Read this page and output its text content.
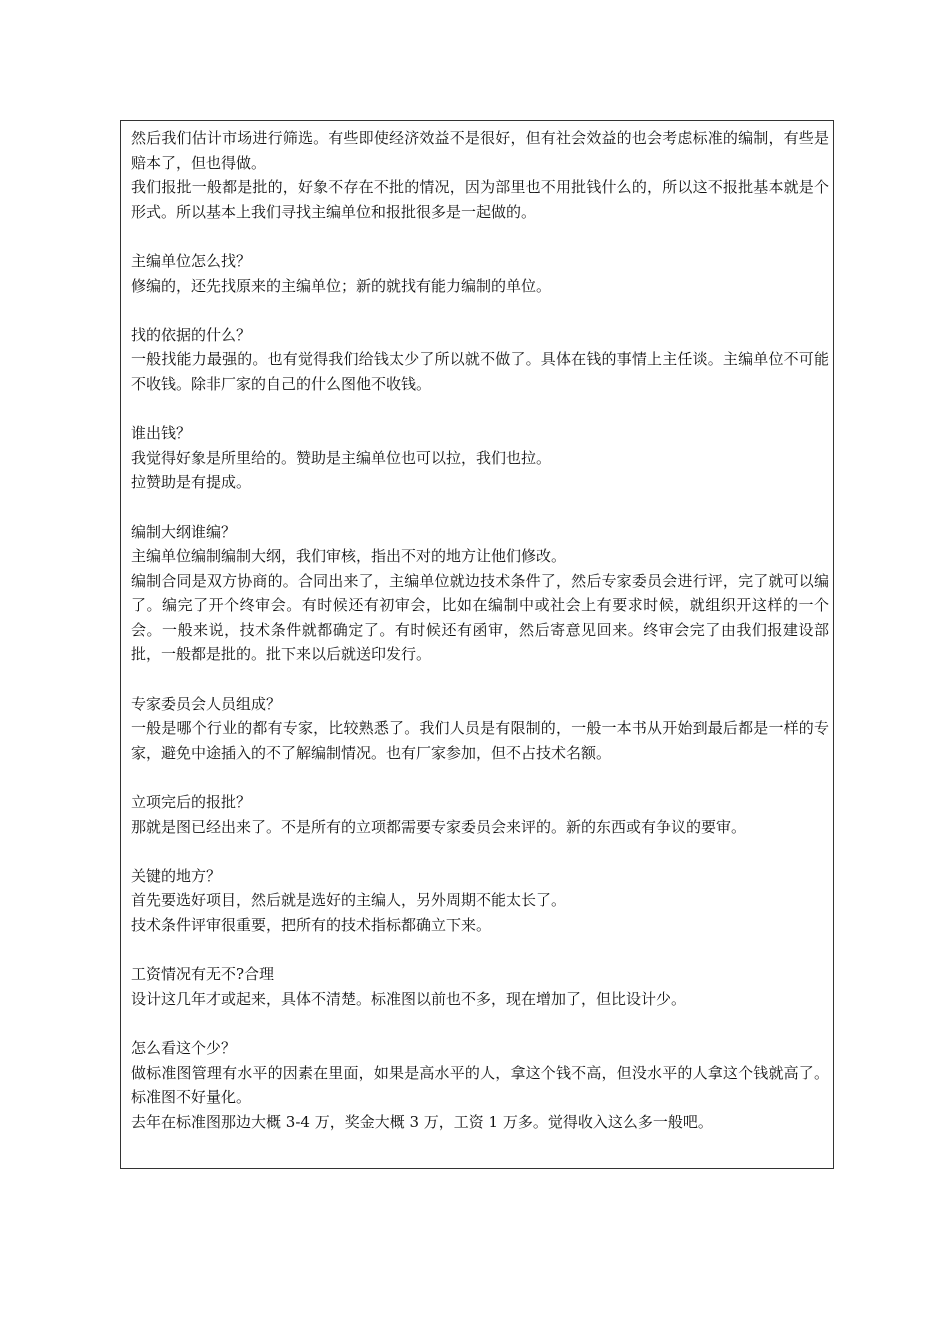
然后我们估计市场进行筛选。有些即使经济效益不是很好，但有社会效益的也会考虑标准的编制，有些是赔本了，但也得做。

我们报批一般都是批的，好象不存在不批的情况，因为部里也不用批钱什么的，所以这不报批基本就是个形式。所以基本上我们寻找主编单位和报批很多是一起做的。

主编单位怎么找？

修编的，还先找原来的主编单位；新的就找有能力编制的单位。

找的依据的什么？

一般找能力最强的。也有觉得我们给钱太少了所以就不做了。具体在钱的事情上主任谈。主编单位不可能不收钱。除非厂家的自己的什么图他不收钱。

谁出钱？

我觉得好象是所里给的。赞助是主编单位也可以拉，我们也拉。

拉赞助是有提成。

编制大纲谁编？

主编单位编制编制大纲，我们审核，指出不对的地方让他们修改。

编制合同是双方协商的。合同出来了，主编单位就边技术条件了，然后专家委员会进行评，完了就可以编了。编完了开个终审会。有时候还有初审会，比如在编制中或社会上有要求时候，就组织开这样的一个会。一般来说，技术条件就都确定了。有时候还有函审，然后寄意见回来。终审会完了由我们报建设部批，一般都是批的。批下来以后就送印发行。

专家委员会人员组成？

一般是哪个行业的都有专家，比较熟悉了。我们人员是有限制的，一般一本书从开始到最后都是一样的专家，避免中途插入的不了解编制情况。也有厂家参加，但不占技术名额。

立项完后的报批？

那就是图已经出来了。不是所有的立项都需要专家委员会来评的。新的东西或有争议的要审。

关键的地方？

首先要选好项目，然后就是选好的主编人，另外周期不能太长了。

技术条件评审很重要，把所有的技术指标都确立下来。

工资情况有无不?合理

设计这几年才或起来，具体不清楚。标准图以前也不多，现在增加了，但比设计少。

怎么看这个少？

做标准图管理有水平的因素在里面，如果是高水平的人，拿这个钱不高，但没水平的人拿这个钱就高了。标准图不好量化。

去年在标准图那边大概 3-4 万，奖金大概 3 万，工资 1 万多。觉得收入这么多一般吧。
